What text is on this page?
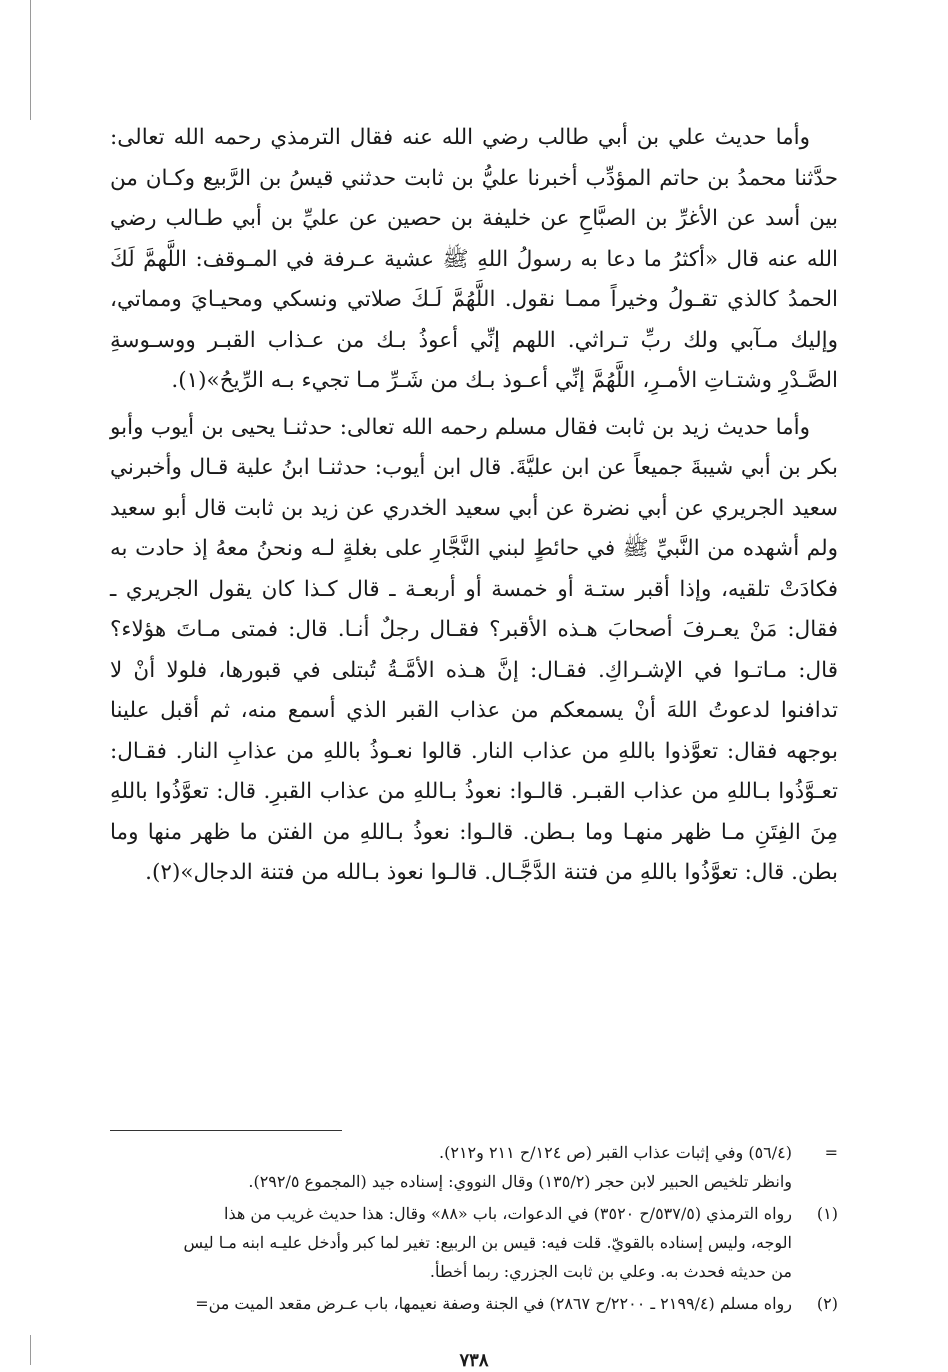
وأما حديث علي بن أبي طالب رضي الله عنه فقال الترمذي رحمه الله تعالى: حدَّثنا محمدُ بن حاتم المؤدِّب أخبرنا عليُّ بن ثابت حدثني قيسُ بن الرَّبيع وكـان من بين أسد عن الأغرِّ بن الصبَّاحِ عن خليفة بن حصين عن عليِّ بن أبي طـالب رضي الله عنه قال «أكثرُ ما دعا به رسولُ اللهِ ﷺ عشية عـرفة في المـوقف: اللَّهمَّ لَكَ الحمدُ كالذي تقـولُ وخيراً ممـا نقول. اللَّهُمَّ لَـكَ صلاتي ونسكي ومحيـايَ ومماتي، وإليك مـآبي ولك ربِّ تـراثي. اللهم إنِّي أعوذُ بـك من عـذاب القبـر ووسـوسةِ الصَّـدْرِ وشتـاتِ الأمـرِ، اللَّهُمَّ إنِّي أعـوذ بـك من شَـرِّ مـا تجيء بـه الرِّيحُ»(١).

وأما حديث زيد بن ثابت فقال مسلم رحمه الله تعالى: حدثنـا يحيى بن أيوب وأبو بكر بن أبي شيبةَ جميعاً عن ابن عليَّةَ. قال ابن أيوب: حدثنـا ابنُ علية قـال وأخبرني سعيد الجريري عن أبي نضرة عن أبي سعيد الخدري عن زيد بن ثابت قال أبو سعيد ولم أشهده من النَّبيِّ ﷺ في حائطٍ لبني النَّجَّارِ على بغلةٍ لـه ونحنُ معهُ إذ حادت به فكادَتْ تلقيه، وإذا أقبر ستـة أو خمسة أو أربعـة ـ قال كـذا كان يقول الجريري ـ فقال: مَنْ يعـرفَ أصحابَ هـذه الأقبر؟ فقـال رجلٌ أنـا. قال: فمتى مـاتَ هؤلاء؟ قال: مـاتـوا في الإشـراكِ. فقـال: إنَّ هـذه الأمَّـةُ تُبتلى في قبورها، فلولا أنْ لا تدافنوا لدعوتُ اللهَ أنْ يسمعكم من عذاب القبر الذي أسمع منه، ثم أقبل علينا بوجهه فقال: تعوَّذوا باللهِ من عذاب النار. قالوا نعـوذُ باللهِ من عذابِ النار. فقـال: تعـوَّذُوا بـاللهِ من عذاب القبـر. قالـوا: نعوذُ بـاللهِ من عذاب القبرِ. قال: تعوَّذُوا باللهِ مِنَ الفِتَنِ مـا ظهر منهـا وما بـطن. قالـوا: نعوذُ بـاللهِ من الفتن ما ظهر منها وما بطن. قال: تعوَّذُوا باللهِ من فتنة الدَّجَّـال. قالـوا نعوذ بـالله من فتنة الدجال»(٢).

=
(٥٦/٤) وفي إثبات عذاب القبر (ص ١٢٤/ح ٢١١ و٢١٢).
وانظر تلخيص الحبير لابن حجر (١٣٥/٢) وقال النووي: إسناده جيد (المجموع ٢٩٢/٥).
(١)
رواه الترمذي (٥٣٧/٥/ح ٣٥٢٠) في الدعوات، باب «٨٨» وقال: هذا حديث غريب من هذا
الوجه، وليس إسناده بالقويّ. قلت فيه: قيس بن الربيع: تغير لما كبر وأدخل عليـه ابنه مـا ليس
من حديثه فحدث به. وعلي بن ثابت الجزري: ربما أخطأ.
(٢)
رواه مسلم (٢١٩٩/٤ ـ ٢٢٠٠/ح ٢٨٦٧) في الجنة وصفة نعيمها، باب عـرض مقعد الميت من=
٧٣٨
